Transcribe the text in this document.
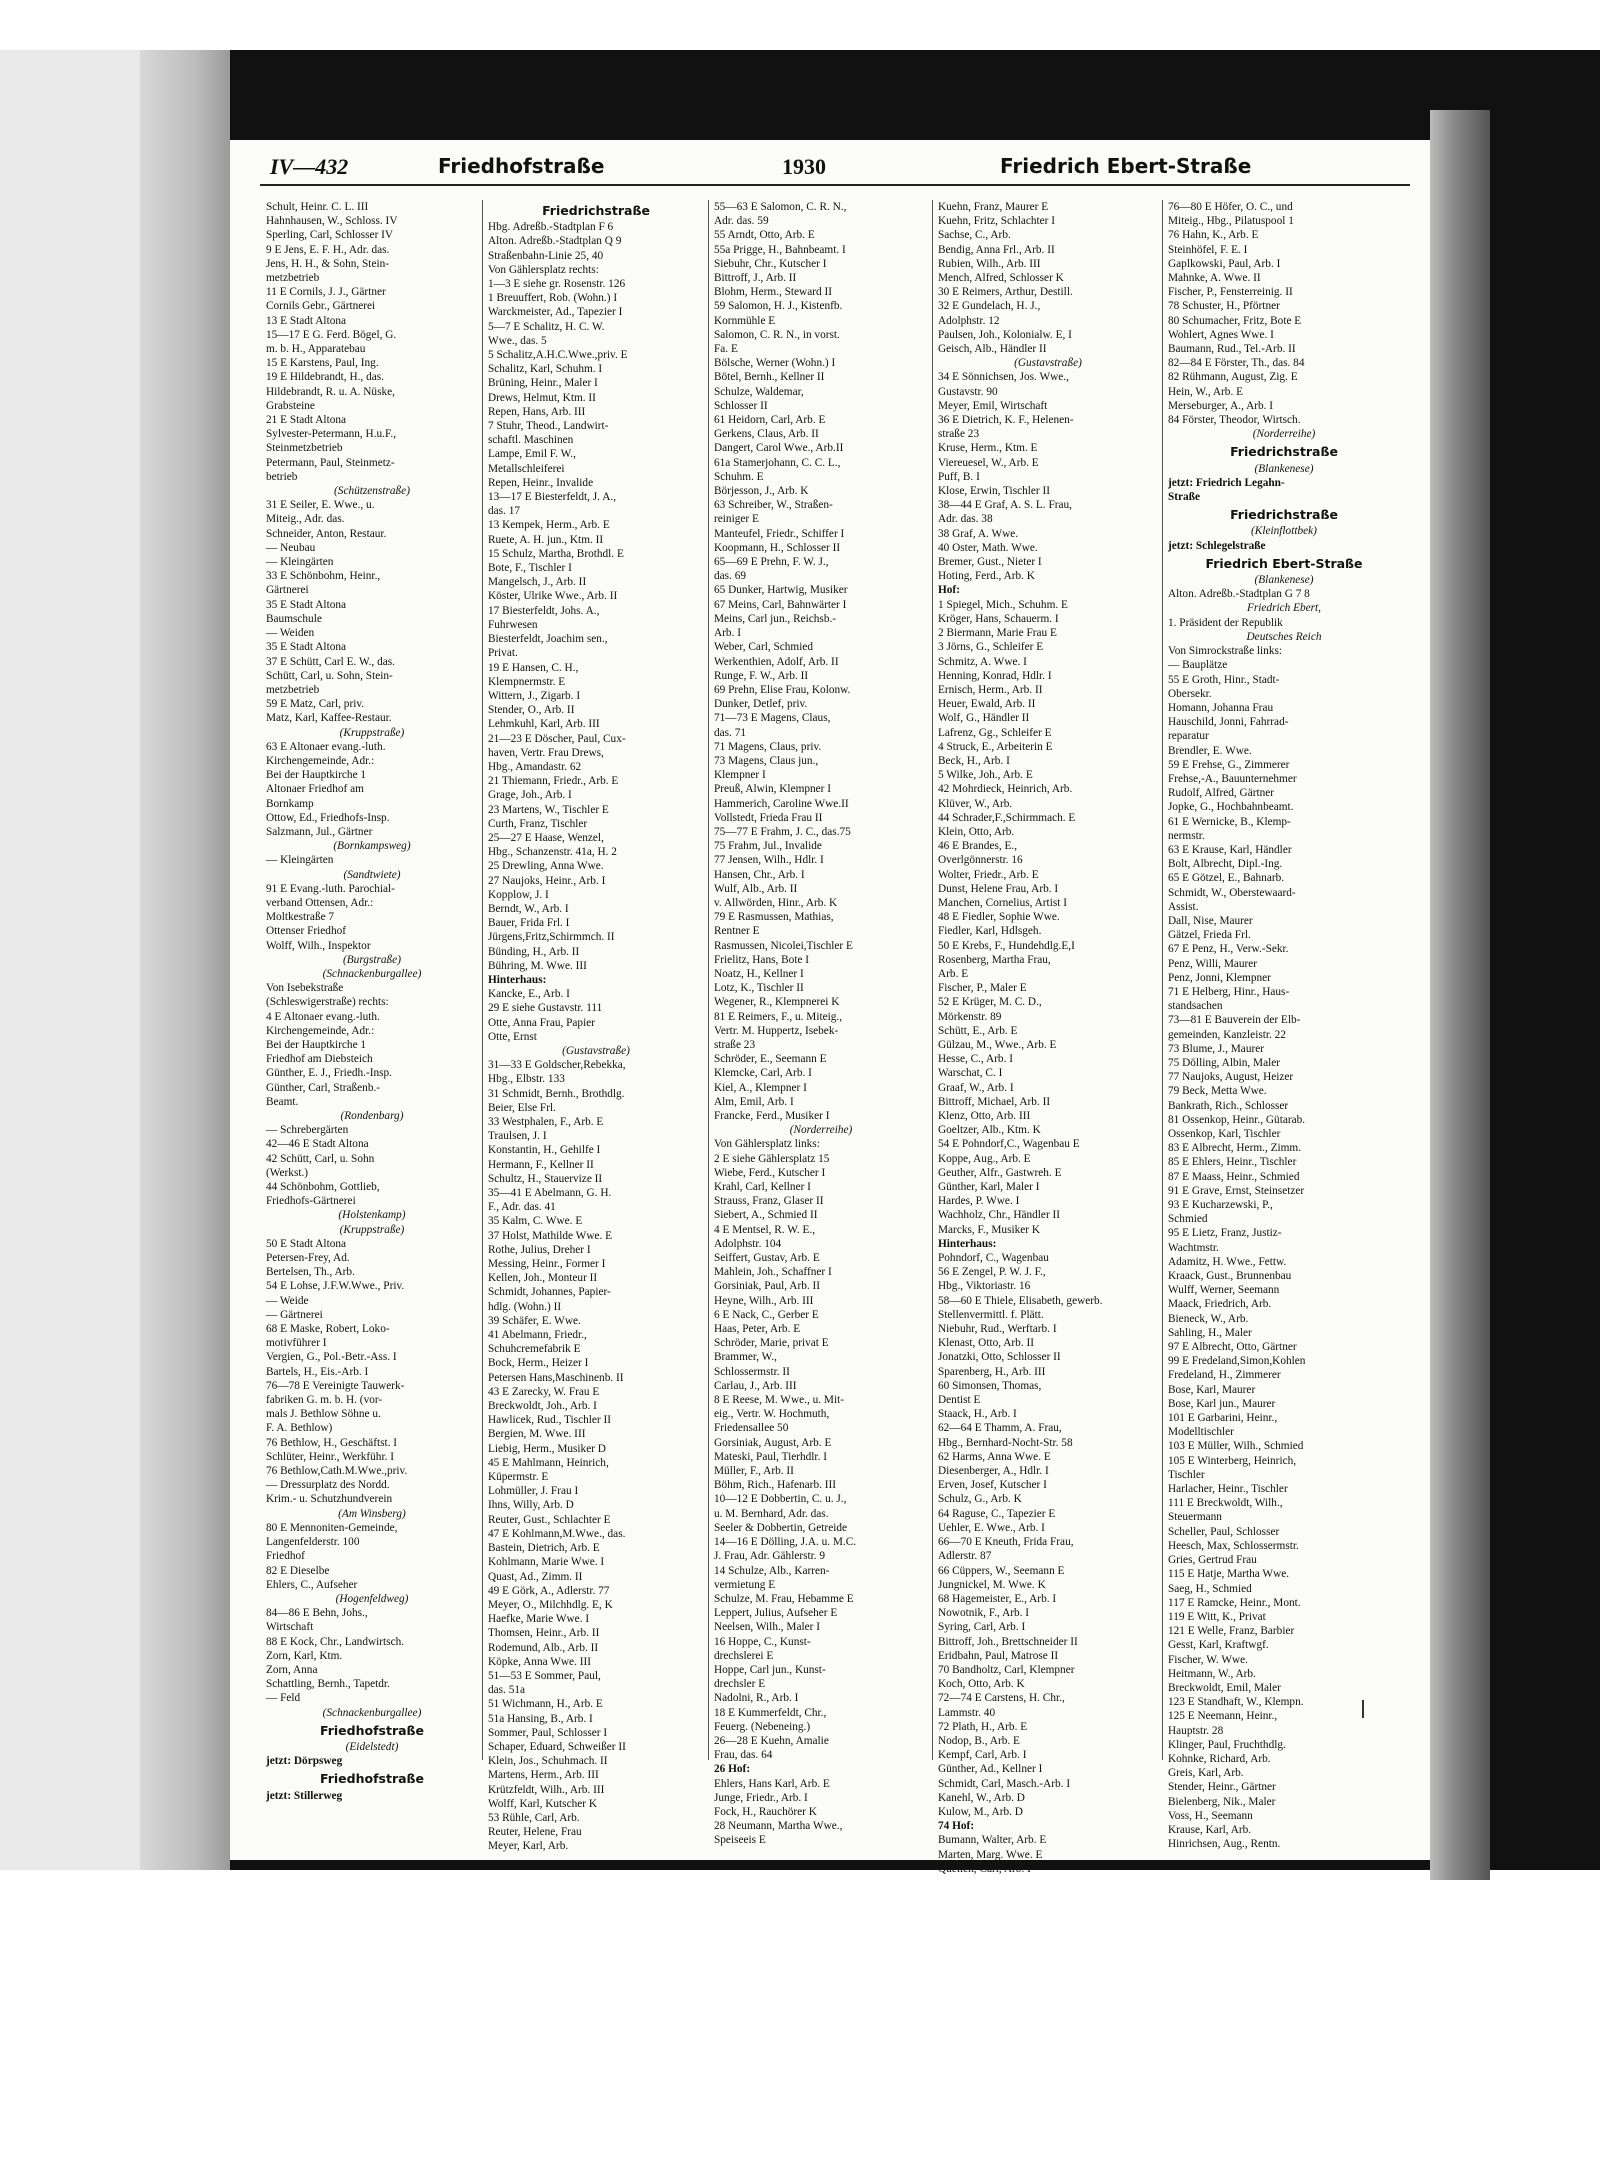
IV—432	Friedhofstraße	1930	Friedrich Ebert-Straße
Schult, Heinr. C. L. III
Hahnhausen, W., Schloss. IV
Sperling, Carl, Schlosser IV
9 E Jens, E. F. H., Adr. das.
Jens, H. H., & Sohn, Stein-
metzbetrieb
11 E Cornils, J. J., Gärtner
Cornils Gebr., Gärtnerei
13 E Stadt Altona
15—17 E G. Ferd. Bögel, G.
m. b. H., Apparatebau
15 E Karstens, Paul, Ing.
19 E Hildebrandt, H., das.
Hildebrandt, R. u. A. Nüske,
Grabsteine
21 E Stadt Altona
Sylvester-Petermann, H.u.F.,
Steinmetzbetrieb
Petermann, Paul, Steinmetz-
betrieb
(Schützenstraße)
31 E Seiler, E. Wwe., u.
Miteig., Adr. das.
Schneider, Anton, Restaur.
— Neubau
— Kleingärten
33 E Schönbohm, Heinr.,
Gärtnerei
35 E Stadt Altona
Baumschule
— Weiden
35 E Stadt Altona
37 E Schütt, Carl E. W., das.
Schütt, Carl, u. Sohn, Stein-
metzbetrieb
59 E Matz, Carl, priv.
Matz, Karl, Kaffee-Restaur.
(Kruppstraße)
63 E Altonaer evang.-luth.
Kirchengemeinde, Adr.:
Bei der Hauptkirche 1
Altonaer Friedhof am
Bornkamp
Ottow, Ed., Friedhofs-Insp.
Salzmann, Jul., Gärtner
(Bornkampsweg)
— Kleingärten
(Sandtwiete)
91 E Evang.-luth. Parochial-
verband Ottensen, Adr.:
Moltkestraße 7
Ottenser Friedhof
Wolff, Wilh., Inspektor
(Burgstraße)
(Schnackenburgallee)
Von Isebekstraße
(Schleswigerstraße) rechts:
4 E Altonaer evang.-luth.
Kirchengemeinde, Adr.:
Bei der Hauptkirche 1
Friedhof am Diebsteich
Günther, E. J., Friedh.-Insp.
Günther, Carl, Straßenb.-
Beamt.
(Rondenbarg)
— Schrebergärten
42—46 E Stadt Altona
42 Schütt, Carl, u. Sohn
(Werkst.)
44 Schönbohm, Gottlieb,
Friedhofs-Gärtnerei
(Holstenkamp)
(Kruppstraße)
50 E Stadt Altona
Petersen-Frey, Ad.
Bertelsen, Th., Arb.
54 E Lohse, J.F.W.Wwe., Priv.
— Weide
— Gärtnerei
68 E Maske, Robert, Loko-
motivführer I
Vergien, G., Pol.-Betr.-Ass. I
Bartels, H., Eis.-Arb. I
76—78 E Vereinigte Tauwerk-
fabriken G. m. b. H. (vor-
mals J. Bethlow Söhne u.
F. A. Bethlow)
76 Bethlow, H., Geschäftst. I
Schlüter, Heinr., Werkführ. I
76 Bethlow,Cath.M.Wwe.,priv.
— Dressurplatz des Nordd.
Krim.- u. Schutzhundverein
(Am Winsberg)
80 E Mennoniten-Gemeinde,
Langenfelderstr. 100
Friedhof
82 E Dieselbe
Ehlers, C., Aufseher
(Hogenfeldweg)
84—86 E Behn, Johs.,
Wirtschaft
88 E Kock, Chr., Landwirtsch.
Zorn, Karl, Ktm.
Zorn, Anna
Schattling, Bernh., Tapetdr.
— Feld
(Schnackenburgallee)
Friedhofstraße
(Eidelstedt)
jetzt: Dörpsweg
Friedhofstraße
jetzt: Stillerweg
Friedrichstraße
Hbg. Adreßb.-Stadtplan F 6
Alton. Adreßb.-Stadtplan Q 9
Straßenbahn-Linie 25, 40
Von Gählersplatz rechts:
1—3 E siehe gr. Rosenstr. 126
1 Breuuffert, Rob. (Wohn.) I
Warckmeister, Ad., Tapezier I
5—7 E Schalitz, H. C. W.
Wwe., das. 5
5 Schalitz,A.H.C.Wwe.,priv. E
Schalitz, Karl, Schuhm. I
Brüning, Heinr., Maler I
Drews, Helmut, Ktm. II
Repen, Hans, Arb. III
7 Stuhr, Theod., Landwirt-
schaftl. Maschinen
Lampe, Emil F. W.,
Metallschleiferei
Repen, Heinr., Invalide
13—17 E Biesterfeldt, J. A.,
das. 17
13 Kempek, Herm., Arb. E
Ruete, A. H. jun., Ktm. II
15 Schulz, Martha, Brothdl. E
Bote, F., Tischler I
Mangelsch, J., Arb. II
Köster, Ulrike Wwe., Arb. II
17 Biesterfeldt, Johs. A.,
Fuhrwesen
Biesterfeldt, Joachim sen.,
Privat.
19 E Hansen, C. H.,
Klempnermstr. E
Wittern, J., Zigarb. I
Stender, O., Arb. II
Lehmkuhl, Karl, Arb. III
21—23 E Döscher, Paul, Cux-
haven, Vertr. Frau Drews,
Hbg., Amandastr. 62
21 Thiemann, Friedr., Arb. E
Grage, Joh., Arb. I
23 Martens, W., Tischler E
Curth, Franz, Tischler
25—27 E Haase, Wenzel,
Hbg., Schanzenstr. 41a, H. 2
25 Drewling, Anna Wwe.
27 Naujoks, Heinr., Arb. I
Kopplow, J. I
Berndt, W., Arb. I
Bauer, Frida Frl. I
Jürgens,Fritz,Schirmmch. II
Bünding, H., Arb. II
Bühring, M. Wwe. III
Hinterhaus:
Kancke, E., Arb. I
29 E siehe Gustavstr. 111
Otte, Anna Frau, Papier
Otte, Ernst
(Gustavstraße)
31—33 E Goldscher,Rebekka,
Hbg., Elbstr. 133
31 Schmidt, Bernh., Brothdlg.
Beier, Else Frl.
33 Westphalen, F., Arb. E
Traulsen, J. I
Konstantin, H., Gehilfe I
Hermann, F., Kellner II
Schultz, H., Stauervize II
35—41 E Abelmann, G. H.
F., Adr. das. 41
35 Kalm, C. Wwe. E
37 Holst, Mathilde Wwe. E
Rothe, Julius, Dreher I
Messing, Heinr., Former I
Kellen, Joh., Monteur II
Schmidt, Johannes, Papier-
hdlg. (Wohn.) II
39 Schäfer, E. Wwe.
41 Abelmann, Friedr.,
Schuhcremefabrik E
Bock, Herm., Heizer I
Petersen Hans,Maschinenb. II
43 E Zarecky, W. Frau E
Breckwoldt, Joh., Arb. I
Hawlicek, Rud., Tischler II
Bergien, M. Wwe. III
Liebig, Herm., Musiker D
45 E Mahlmann, Heinrich,
Küpermstr. E
Lohmüller, J. Frau I
Ihns, Willy, Arb. D
Reuter, Gust., Schlachter E
47 E Kohlmann,M.Wwe., das.
Bastein, Dietrich, Arb. E
Kohlmann, Marie Wwe. I
Quast, Ad., Zimm. II
49 E Görk, A., Adlerstr. 77
Meyer, O., Milchhdlg. E, K
Haefke, Marie Wwe. I
Thomsen, Heinr., Arb. II
Rodemund, Alb., Arb. II
Köpke, Anna Wwe. III
51—53 E Sommer, Paul,
das. 51a
51 Wichmann, H., Arb. E
51a Hansing, B., Arb. I
Sommer, Paul, Schlosser I
Schaper, Eduard, Schweißer II
Klein, Jos., Schuhmach. II
Martens, Herm., Arb. III
Krützfeldt, Wilh., Arb. III
Wolff, Karl, Kutscher K
53 Rühle, Carl, Arb.
Reuter, Helene, Frau
Meyer, Karl, Arb.
55—63 E Salomon, C. R. N.,
Adr. das. 59
55 Arndt, Otto, Arb. E
55a Prigge, H., Bahnbeamt. I
Siebuhr, Chr., Kutscher I
Bittroff, J., Arb. II
Blohm, Herm., Steward II
59 Salomon, H. J., Kistenfb.
Kornmühle E
Salomon, C. R. N., in vorst.
Fa. E
Bölsche, Werner (Wohn.) I
Bötel, Bernh., Kellner II
Schulze, Waldemar,
Schlosser II
61 Heidorn, Carl, Arb. E
Gerkens, Claus, Arb. II
Dangert, Carol Wwe., Arb.II
61a Stamerjohann, C. C. L.,
Schuhm. E
Börjesson, J., Arb. K
63 Schreiber, W., Straßen-
reiniger E
Manteufel, Friedr., Schiffer I
Koopmann, H., Schlosser II
65—69 E Prehn, F. W. J.,
das. 69
65 Dunker, Hartwig, Musiker
67 Meins, Carl, Bahnwärter I
Meins, Carl jun., Reichsb.-
Arb. I
Weber, Carl, Schmied
Werkenthien, Adolf, Arb. II
Runge, F. W., Arb. II
69 Prehn, Elise Frau, Kolonw.
Dunker, Detlef, priv.
71—73 E Magens, Claus,
das. 71
71 Magens, Claus, priv.
73 Magens, Claus jun.,
Klempner I
Preuß, Alwin, Klempner I
Hammerich, Caroline Wwe.II
Vollstedt, Frieda Frau II
75—77 E Frahm, J. C., das.75
75 Frahm, Jul., Invalide
77 Jensen, Wilh., Hdlr. I
Hansen, Chr., Arb. I
Wulf, Alb., Arb. II
v. Allwörden, Hinr., Arb. K
79 E Rasmussen, Mathias,
Rentner E
Rasmussen, Nicolei,Tischler E
Frielitz, Hans, Bote I
Noatz, H., Kellner I
Lotz, K., Tischler II
Wegener, R., Klempnerei K
81 E Reimers, F., u. Miteig.,
Vertr. M. Huppertz, Isebek-
straße 23
Schröder, E., Seemann E
Klemcke, Carl, Arb. I
Kiel, A., Klempner I
Alm, Emil, Arb. I
Francke, Ferd., Musiker I
(Norderreihe)
Von Gählersplatz links:
2 E siehe Gählersplatz 15
Wiebe, Ferd., Kutscher I
Krahl, Carl, Kellner I
Strauss, Franz, Glaser II
Siebert, A., Schmied II
4 E Mentsel, R. W. E.,
Adolphstr. 104
Seiffert, Gustav, Arb. E
Mahlein, Joh., Schaffner I
Gorsiniak, Paul, Arb. II
Heyne, Wilh., Arb. III
6 E Nack, C., Gerber E
Haas, Peter, Arb. E
Schröder, Marie, privat E
Brammer, W.,
Schlossermstr. II
Carlau, J., Arb. III
8 E Reese, M. Wwe., u. Mit-
eig., Vertr. W. Hochmuth,
Friedensallee 50
Gorsiniak, August, Arb. E
Mateski, Paul, Tierhdlr. I
Müller, F., Arb. II
Böhm, Rich., Hafenarb. III
10—12 E Dobbertin, C. u. J.,
u. M. Bernhard, Adr. das.
Seeler & Dobbertin, Getreide
14—16 E Dölling, J.A. u. M.C.
J. Frau, Adr. Gählerstr. 9
14 Schulze, Alb., Karren-
vermietung E
Schulze, M. Frau, Hebamme E
Leppert, Julius, Aufseher E
Neelsen, Wilh., Maler I
16 Hoppe, C., Kunst-
drechslerei E
Hoppe, Carl jun., Kunst-
drechsler E
Nadolni, R., Arb. I
18 E Kummerfeldt, Chr.,
Feuerg. (Nebeneing.)
26—28 E Kuehn, Amalie
Frau, das. 64
26 Hof:
Ehlers, Hans Karl, Arb. E
Junge, Friedr., Arb. I
Fock, H., Rauchörer K
28 Neumann, Martha Wwe.,
Speiseeis E
Kuehn, Franz, Maurer E
Kuehn, Fritz, Schlachter I
Sachse, C., Arb.
Bendig, Anna Frl., Arb. II
Rubien, Wilh., Arb. III
Mench, Alfred, Schlosser K
30 E Reimers, Arthur, Destill.
32 E Gundelach, H. J.,
Adolphstr. 12
Paulsen, Joh., Kolonialw. E, I
Geisch, Alb., Händler II
(Gustavstraße)
34 E Sönnichsen, Jos. Wwe.,
Gustavstr. 90
Meyer, Emil, Wirtschaft
36 E Dietrich, K. F., Helenen-
straße 23
Kruse, Herm., Ktm. E
Viereuesel, W., Arb. E
Puff, B. I
Klose, Erwin, Tischler II
38—44 E Graf, A. S. L. Frau,
Adr. das. 38
38 Graf, A. Wwe.
40 Oster, Math. Wwe.
Bremer, Gust., Nieter I
Hoting, Ferd., Arb. K
Hof:
1 Spiegel, Mich., Schuhm. E
Kröger, Hans, Schauerm. I
2 Biermann, Marie Frau E
3 Jörns, G., Schleifer E
Schmitz, A. Wwe. I
Henning, Konrad, Hdlr. I
Ernisch, Herm., Arb. II
Heuer, Ewald, Arb. II
Wolf, G., Händler II
Lafrenz, Gg., Schleifer E
4 Struck, E., Arbeiterin E
Beck, H., Arb. I
5 Wilke, Joh., Arb. E
42 Mohrdieck, Heinrich, Arb.
Klüver, W., Arb.
44 Schrader,F.,Schirmmach. E
Klein, Otto, Arb.
46 E Brandes, E.,
Overlgönnerstr. 16
Wolter, Friedr., Arb. E
Dunst, Helene Frau, Arb. I
Manchen, Cornelius, Artist I
48 E Fiedler, Sophie Wwe.
Fiedler, Karl, Hdlsgeh.
50 E Krebs, F., Hundehdlg.E,I
Rosenberg, Martha Frau,
Arb. E
Fischer, P., Maler E
52 E Krüger, M. C. D.,
Mörkenstr. 89
Schütt, E., Arb. E
Gülzau, M., Wwe., Arb. E
Hesse, C., Arb. I
Warschat, C. I
Graaf, W., Arb. I
Bittroff, Michael, Arb. II
Klenz, Otto, Arb. III
Goeltzer, Alb., Ktm. K
54 E Pohndorf,C., Wagenbau E
Koppe, Aug., Arb. E
Geuther, Alfr., Gastwreh. E
Günther, Karl, Maler I
Hardes, P. Wwe. I
Wachholz, Chr., Händler II
Marcks, F., Musiker K
Hinterhaus:
Pohndorf, C., Wagenbau
56 E Zengel, P. W. J. F.,
Hbg., Viktoriastr. 16
58—60 E Thiele, Elisabeth, gewerb.
Stellenvermittl. f. Plätt.
Niebuhr, Rud., Werftarb. I
Klenast, Otto, Arb. II
Jonatzki, Otto, Schlosser II
Sparenberg, H., Arb. III
60 Simonsen, Thomas,
Dentist E
Staack, H., Arb. I
62—64 E Thamm, A. Frau,
Hbg., Bernhard-Nocht-Str. 58
62 Harms, Anna Wwe. E
Diesenberger, A., Hdlr. I
Erven, Josef, Kutscher I
Schulz, G., Arb. K
64 Raguse, C., Tapezier E
Uehler, E. Wwe., Arb. I
66—70 E Kneuth, Frida Frau,
Adlerstr. 87
66 Cüppers, W., Seemann E
Jungnickel, M. Wwe. K
68 Hagemeister, E., Arb. I
Nowotnik, F., Arb. I
Syring, Carl, Arb. I
Bittroff, Joh., Brettschneider II
Eridbahn, Paul, Matrose II
70 Bandholtz, Carl, Klempner
Koch, Otto, Arb. K
72—74 E Carstens, H. Chr.,
Lammstr. 40
72 Plath, H., Arb. E
Nodop, B., Arb. E
Kempf, Carl, Arb. I
Günther, Ad., Kellner I
Schmidt, Carl, Masch.-Arb. I
Kanehl, W., Arb. D
Kulow, M., Arb. D
74 Hof:
Bumann, Walter, Arb. E
Marten, Marg. Wwe. E
Quellen, Carl, Arb. I
76—80 E Höfer, O. C., und
Miteig., Hbg., Pilatuspool 1
76 Hahn, K., Arb. E
Steinhöfel, F. E. I
Gaplkowski, Paul, Arb. I
Mahnke, A. Wwe. II
Fischer, P., Fensterreinig. II
78 Schuster, H., Pförtner
80 Schumacher, Fritz, Bote E
Wohlert, Agnes Wwe. I
Baumann, Rud., Tel.-Arb. II
82—84 E Förster, Th., das. 84
82 Rühmann, August, Zig. E
Hein, W., Arb. E
Merseburger, A., Arb. I
84 Förster, Theodor, Wirtsch.
(Norderreihe)
Friedrichstraße
(Blankenese)
jetzt: Friedrich Legahn-
Straße
Friedrichstraße
(Kleinflottbek)
jetzt: Schlegelstraße
Friedrich Ebert-Straße
(Blankenese)
Alton. Adreßb.-Stadtplan G 7 8
Friedrich Ebert,
1. Präsident der Republik
Deutsches Reich
Von Simrockstraße links:
— Bauplätze
55 E Groth, Hinr., Stadt-
Obersekr.
Homann, Johanna Frau
Hauschild, Jonni, Fahrrad-
reparatur
Brendler, E. Wwe.
59 E Frehse, G., Zimmerer
Frehse,-A., Bauunternehmer
Rudolf, Alfred, Gärtner
Jopke, G., Hochbahnbeamt.
61 E Wernicke, B., Klemp-
nermstr.
63 E Krause, Karl, Händler
Bolt, Albrecht, Dipl.-Ing.
65 E Götzel, E., Bahnarb.
Schmidt, W., Oberstewaard-
Assist.
Dall, Nise, Maurer
Gätzel, Frieda Frl.
67 E Penz, H., Verw.-Sekr.
Penz, Willi, Maurer
Penz, Jonni, Klempner
71 E Helberg, Hinr., Haus-
standsachen
73—81 E Bauverein der Elb-
gemeinden, Kanzleistr. 22
73 Blume, J., Maurer
75 Dölling, Albin, Maler
77 Naujoks, August, Heizer
79 Beck, Metta Wwe.
Bankrath, Rich., Schlosser
81 Ossenkop, Heinr., Gütarab.
Ossenkop, Karl, Tischler
83 E Albrecht, Herm., Zimm.
85 E Ehlers, Heinr., Tischler
87 E Maass, Heinr., Schmied
91 E Grave, Ernst, Steinsetzer
93 E Kucharzewski, P.,
Schmied
95 E Lietz, Franz, Justiz-
Wachtmstr.
Adamitz, H. Wwe., Fettw.
Kraack, Gust., Brunnenbau
Wulff, Werner, Seemann
Maack, Friedrich, Arb.
Bieneck, W., Arb.
Sahling, H., Maler
97 E Albrecht, Otto, Gärtner
99 E Fredeland,Simon,Kohlen
Fredeland, H., Zimmerer
Bose, Karl, Maurer
Bose, Karl jun., Maurer
101 E Garbarini, Heinr.,
Modelltischler
103 E Müller, Wilh., Schmied
105 E Winterberg, Heinrich,
Tischler
Harlacher, Heinr., Tischler
111 E Breckwoldt, Wilh.,
Steuermann
Scheller, Paul, Schlosser
Heesch, Max, Schlossermstr.
Gries, Gertrud Frau
115 E Hatje, Martha Wwe.
Saeg, H., Schmied
117 E Ramcke, Heinr., Mont.
119 E Witt, K., Privat
121 E Welle, Franz, Barbier
Gesst, Karl, Kraftwgf.
Fischer, W. Wwe.
Heitmann, W., Arb.
Breckwoldt, Emil, Maler
123 E Standhaft, W., Klempn.
125 E Neemann, Heinr.,
Hauptstr. 28
Klinger, Paul, Fruchthdlg.
Kohnke, Richard, Arb.
Greis, Karl, Arb.
Stender, Heinr., Gärtner
Bielenberg, Nik., Maler
Voss, H., Seemann
Krause, Karl, Arb.
Hinrichsen, Aug., Rentn.
